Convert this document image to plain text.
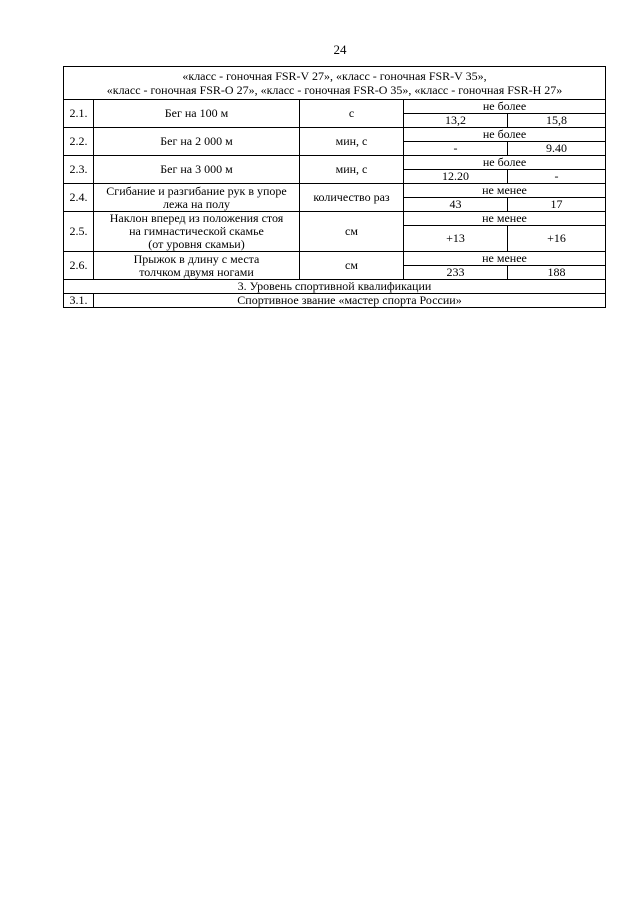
24
«класс - гоночная FSR-V 27», «класс - гоночная FSR-V 35»,
«класс - гоночная FSR-O 27», «класс - гоночная FSR-O 35», «класс - гоночная FSR-H 27»				
2.1.	Бег на 100 м	с	не более	
			13,2	15,8
2.2.	Бег на 2 000 м	мин, с	не более	
			-	9.40
2.3.	Бег на 3 000 м	мин, с	не более	
			12.20	-
2.4.	Сгибание и разгибание рук в упоре
лежа на полу	количество раз	не менее	
			43	17
2.5.	Наклон вперед из положения стоя
на гимнастической скамье
(от уровня скамьи)	см	не менее	
			+13	+16
2.6.	Прыжок в длину с места
толчком двумя ногами	см	не менее	
			233	188
3. Уровень спортивной квалификации				
3.1.	Спортивное звание «мастер спорта России»			
